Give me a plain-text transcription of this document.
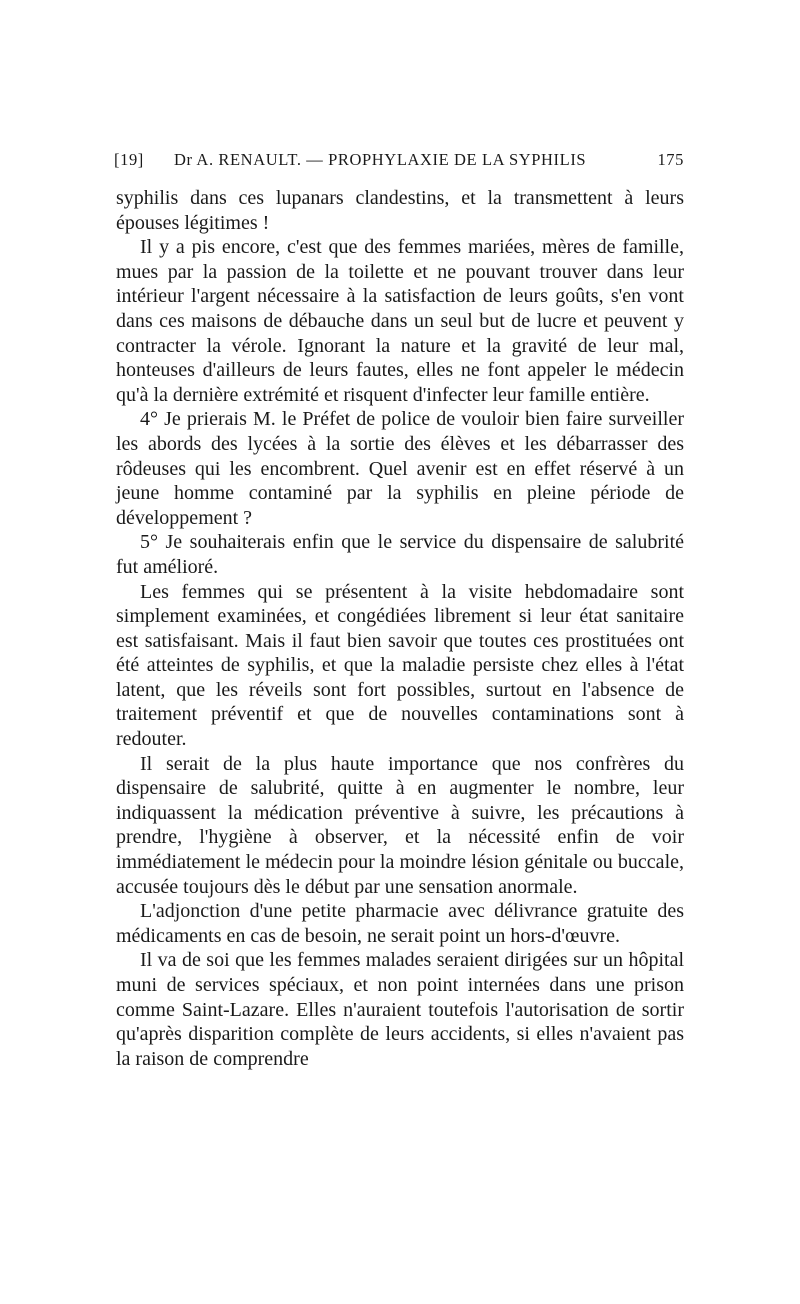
[19] Dr A. RENAULT. — PROPHYLAXIE DE LA SYPHILIS	175

syphilis dans ces lupanars clandestins, et la transmettent à leurs épouses légitimes !

Il y a pis encore, c'est que des femmes mariées, mères de famille, mues par la passion de la toilette et ne pouvant trouver dans leur intérieur l'argent nécessaire à la satisfaction de leurs goûts, s'en vont dans ces maisons de débauche dans un seul but de lucre et peuvent y contracter la vérole. Ignorant la nature et la gravité de leur mal, honteuses d'ailleurs de leurs fautes, elles ne font appeler le médecin qu'à la dernière extrémité et risquent d'infecter leur famille entière.

4° Je prierais M. le Préfet de police de vouloir bien faire surveiller les abords des lycées à la sortie des élèves et les débarrasser des rôdeuses qui les encombrent. Quel avenir est en effet réservé à un jeune homme contaminé par la syphilis en pleine période de développement ?

5° Je souhaiterais enfin que le service du dispensaire de salubrité fut amélioré.

Les femmes qui se présentent à la visite hebdomadaire sont simplement examinées, et congédiées librement si leur état sanitaire est satisfaisant. Mais il faut bien savoir que toutes ces prostituées ont été atteintes de syphilis, et que la maladie persiste chez elles à l'état latent, que les réveils sont fort possibles, surtout en l'absence de traitement préventif et que de nouvelles contaminations sont à redouter.

Il serait de la plus haute importance que nos confrères du dispensaire de salubrité, quitte à en augmenter le nombre, leur indiquassent la médication préventive à suivre, les précautions à prendre, l'hygiène à observer, et la nécessité enfin de voir immédiatement le médecin pour la moindre lésion génitale ou buccale, accusée toujours dès le début par une sensation anormale.

L'adjonction d'une petite pharmacie avec délivrance gratuite des médicaments en cas de besoin, ne serait point un hors-d'œuvre.

Il va de soi que les femmes malades seraient dirigées sur un hôpital muni de services spéciaux, et non point internées dans une prison comme Saint-Lazare. Elles n'auraient toutefois l'autorisation de sortir qu'après disparition complète de leurs accidents, si elles n'avaient pas la raison de comprendre
